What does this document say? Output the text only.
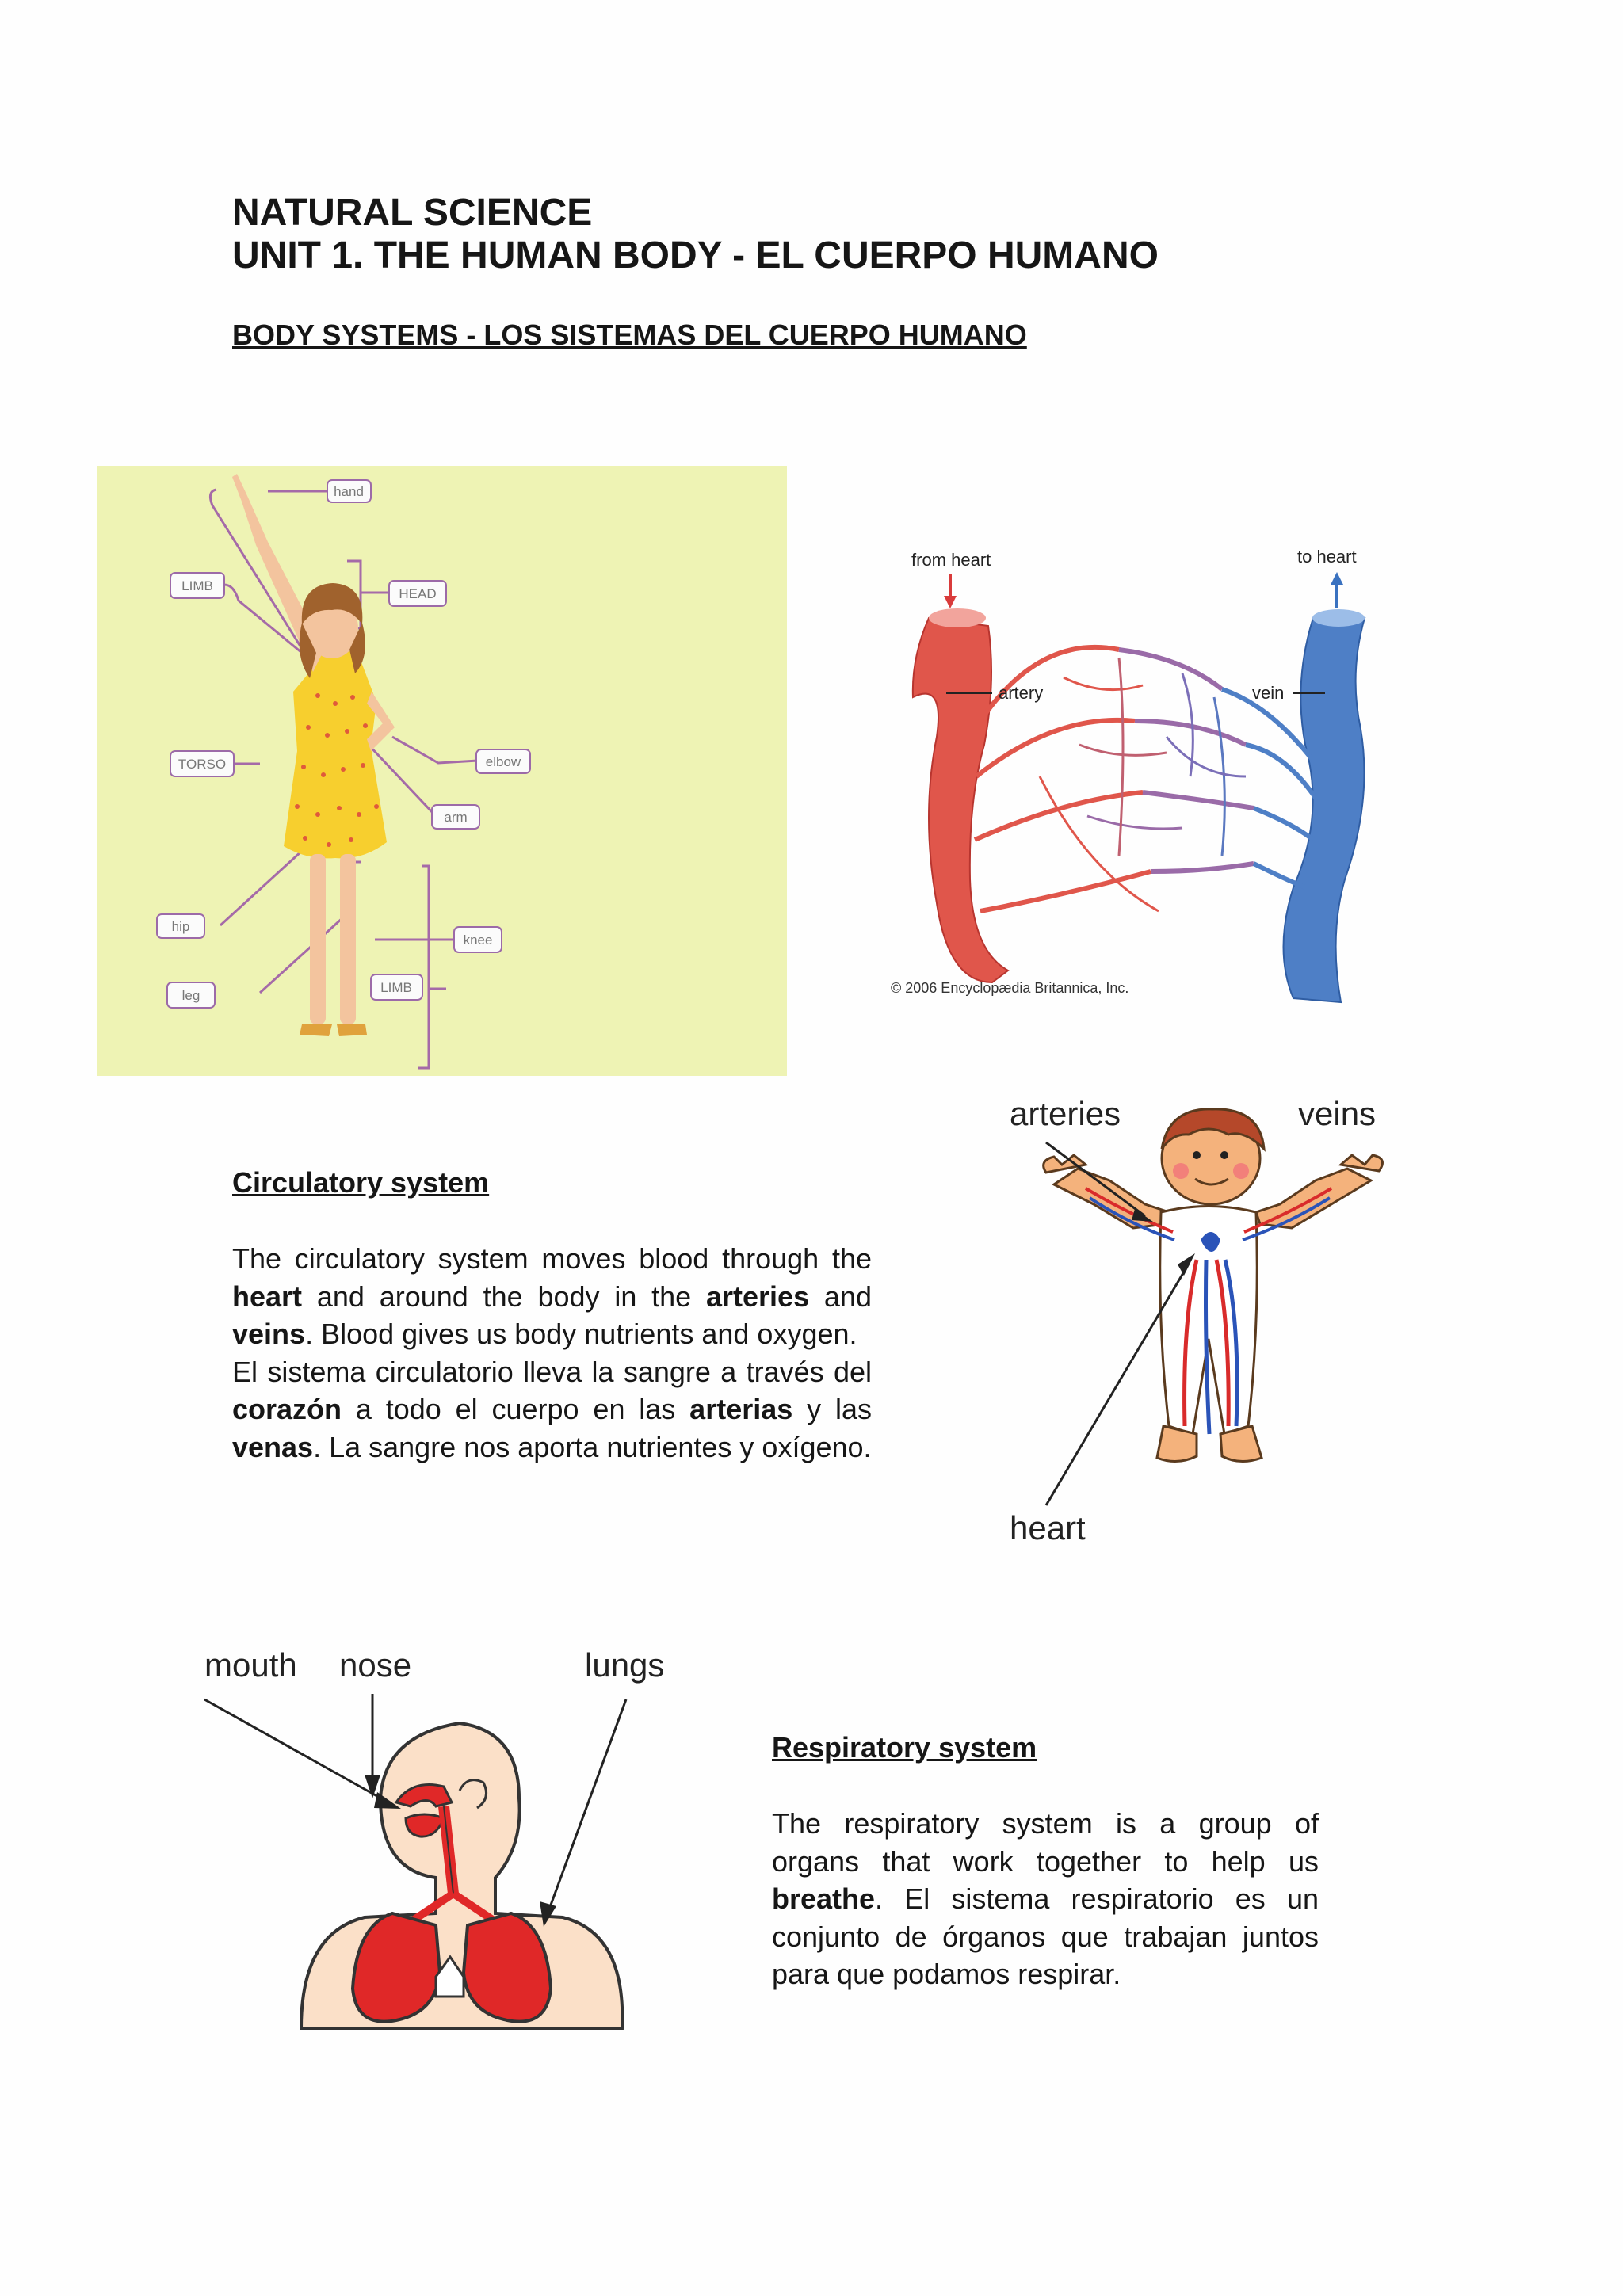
NATURAL SCIENCE
UNIT 1. THE HUMAN BODY - EL CUERPO HUMANO
BODY SYSTEMS - LOS SISTEMAS DEL CUERPO HUMANO
hand
LIMB
HEAD
TORSO	elbow
arm
hip
knee
leg
LIMB
from heart	to heart
artery	vein
© 2006 Encyclopædia Britannica, Inc.
Circulatory system

The circulatory system moves blood through the heart and around the body in the arteries and veins. Blood gives us body nutrients and oxygen.

El sistema circulatorio lleva la sangre a través del corazón a todo el cuerpo en las arterias y las venas. La sangre nos aporta nutrientes y oxígeno.

arteries	veins
heart
mouth nose	lungs
Respiratory system

The respiratory system is a group of organs that work together to help us breathe. El sistema respiratorio es un conjunto de órganos que trabajan juntos para que podamos respirar.
